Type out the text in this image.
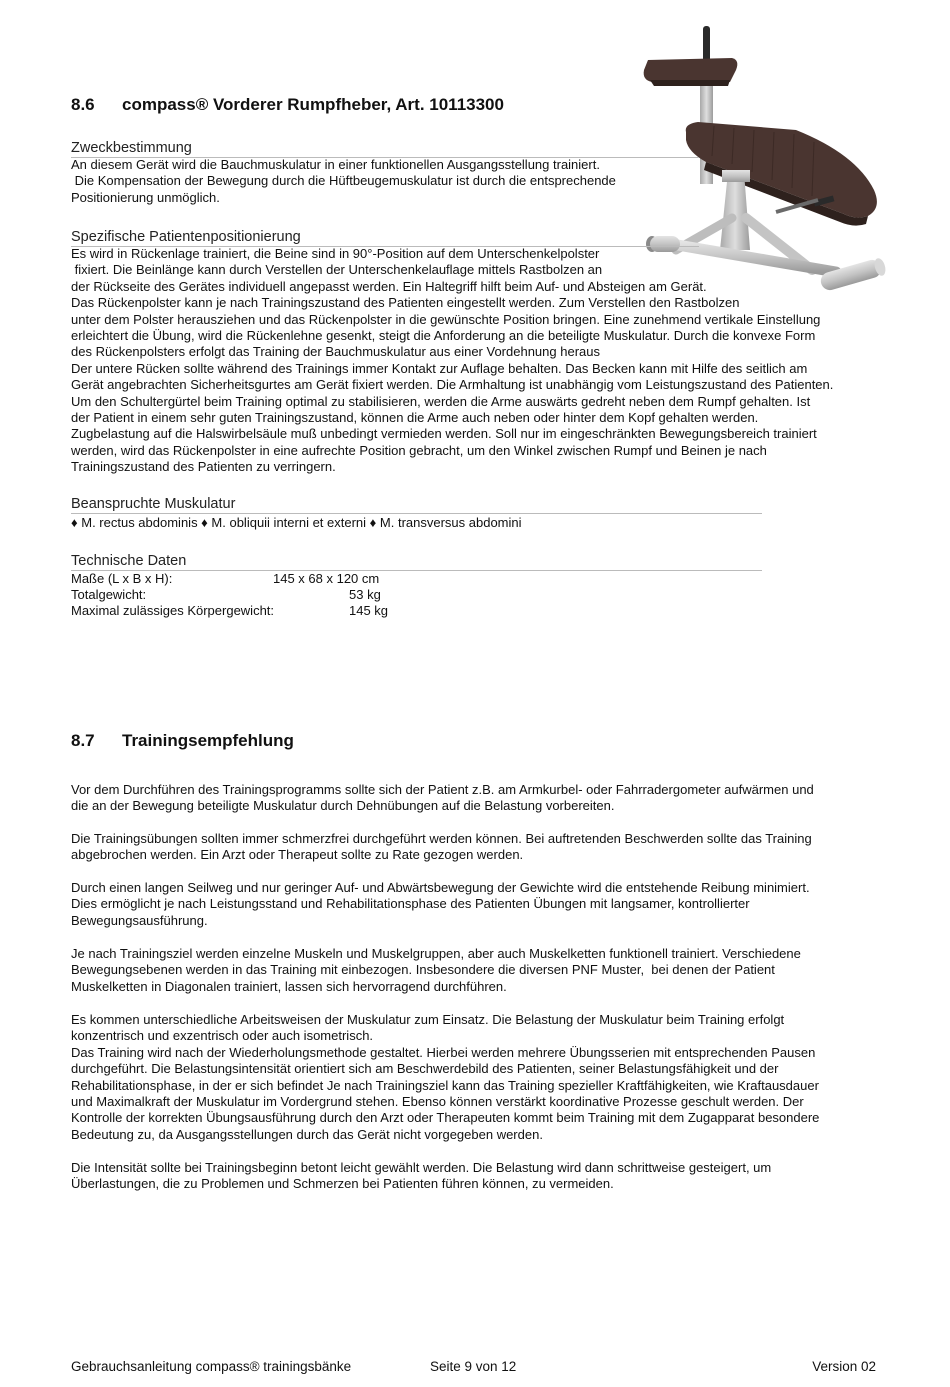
8.6 compass® Vorderer Rumpfheber, Art. 10113300
Zweckbestimmung
An diesem Gerät wird die Bauchmuskulatur in einer funktionellen Ausgangsstellung trainiert.
Die Kompensation der Bewegung durch die Hüftbeugemuskulatur ist durch die entsprechende
Positionierung unmöglich.
Spezifische Patientenpositionierung
Es wird in Rückenlage trainiert, die Beine sind in 90°-Position auf dem Unterschenkelpolster
fixiert. Die Beinlänge kann durch Verstellen der Unterschenkelauflage mittels Rastbolzen an
der Rückseite des Gerätes individuell angepasst werden. Ein Haltegriff hilft beim Auf- und Absteigen am Gerät.
Das Rückenpolster kann je nach Trainingszustand des Patienten eingestellt werden. Zum Verstellen den Rastbolzen
unter dem Polster herausziehen und das Rückenpolster in die gewünschte Position bringen. Eine zunehmend vertikale Einstellung
erleichtert die Übung, wird die Rückenlehne gesenkt, steigt die Anforderung an die beteiligte Muskulatur. Durch die konvexe Form
des Rückenpolsters erfolgt das Training der Bauchmuskulatur aus einer Vordehnung heraus
Der untere Rücken sollte während des Trainings immer Kontakt zur Auflage behalten. Das Becken kann mit Hilfe des seitlich am
Gerät angebrachten Sicherheitsgurtes am Gerät fixiert werden. Die Armhaltung ist unabhängig vom Leistungszustand des Patienten.
Um den Schultergürtel beim Training optimal zu stabilisieren, werden die Arme auswärts gedreht neben dem Rumpf gehalten. Ist
der Patient in einem sehr guten Trainingszustand, können die Arme auch neben oder hinter dem Kopf gehalten werden.
Zugbelastung auf die Halswirbelsäule muß unbedingt vermieden werden. Soll nur im eingeschränkten Bewegungsbereich trainiert
werden, wird das Rückenpolster in eine aufrechte Position gebracht, um den Winkel zwischen Rumpf und Beinen je nach
Trainingszustand des Patienten zu verringern.
Beanspruchte Muskulatur
♦ M. rectus abdominis ♦ M. obliquii interni et externi ♦ M. transversus abdomini
Technische Daten
Maße (L x B x H):	145 x 68 x 120 cm
Totalgewicht:	53 kg
Maximal zulässiges Körpergewicht:	145 kg
8.7 Trainingsempfehlung
Vor dem Durchführen des Trainingsprogramms sollte sich der Patient z.B. am Armkurbel- oder Fahrradergometer aufwärmen und
die an der Bewegung beteiligte Muskulatur durch Dehnübungen auf die Belastung vorbereiten.
Die Trainingsübungen sollten immer schmerzfrei durchgeführt werden können. Bei auftretenden Beschwerden sollte das Training
abgebrochen werden. Ein Arzt oder Therapeut sollte zu Rate gezogen werden.
Durch einen langen Seilweg und nur geringer Auf- und Abwärtsbewegung der Gewichte wird die entstehende Reibung minimiert.
Dies ermöglicht je nach Leistungsstand und Rehabilitationsphase des Patienten Übungen mit langsamer, kontrollierter
Bewegungsausführung.
Je nach Trainingsziel werden einzelne Muskeln und Muskelgruppen, aber auch Muskelketten funktionell trainiert. Verschiedene
Bewegungsebenen werden in das Training mit einbezogen. Insbesondere die diversen PNF Muster,  bei denen der Patient
Muskelketten in Diagonalen trainiert, lassen sich hervorragend durchführen.
Es kommen unterschiedliche Arbeitsweisen der Muskulatur zum Einsatz. Die Belastung der Muskulatur beim Training erfolgt
konzentrisch und exzentrisch oder auch isometrisch.
Das Training wird nach der Wiederholungsmethode gestaltet. Hierbei werden mehrere Übungsserien mit entsprechenden Pausen
durchgeführt. Die Belastungsintensität orientiert sich am Beschwerdebild des Patienten, seiner Belastungsfähigkeit und der
Rehabilitationsphase, in der er sich befindet Je nach Trainingsziel kann das Training spezieller Kraftfähigkeiten, wie Kraftausdauer
und Maximalkraft der Muskulatur im Vordergrund stehen. Ebenso können verstärkt koordinative Prozesse geschult werden. Der
Kontrolle der korrekten Übungsausführung durch den Arzt oder Therapeuten kommt beim Training mit dem Zugapparat besondere
Bedeutung zu, da Ausgangsstellungen durch das Gerät nicht vorgegeben werden.
Die Intensität sollte bei Trainingsbeginn betont leicht gewählt werden. Die Belastung wird dann schrittweise gesteigert, um
Überlastungen, die zu Problemen und Schmerzen bei Patienten führen können, zu vermeiden.
Gebrauchsanleitung compass® trainingsbänke	Seite 9 von 12	Version 02
